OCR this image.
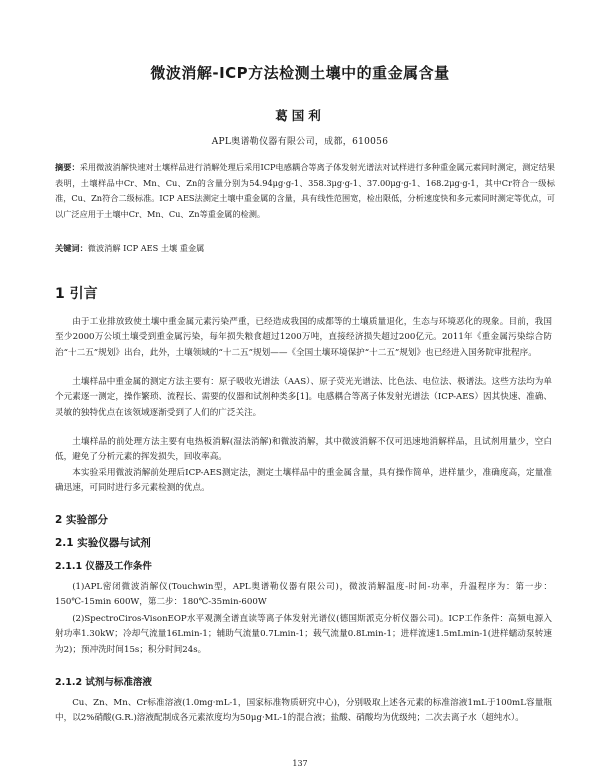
微波消解-ICP方法检测土壤中的重金属含量
葛国利
APL奥谱勒仪器有限公司，成都，610056
摘要：采用微波消解快速对土壤样品进行消解处理后采用ICP电感耦合等离子体发射光谱法对试样进行多种重金属元素同时测定，测定结果表明，土壤样品中Cr、Mn、Cu、Zn的含量分别为54.94μg·g-1、358.3μg·g-1、37.00μg·g-1、168.2μg·g-1，其中Cr符合一级标准，Cu、Zn符合二级标准。ICP AES法测定土壤中重金属的含量，具有线性范围宽，检出限低，分析速度快和多元素同时测定等优点，可以广泛应用于土壤中Cr、Mn、Cu、Zn等重金属的检测。
关键词：微波消解 ICP AES 土壤 重金属
1 引言

由于工业排放致使土壤中重金属元素污染严重，已经造成我国的成都等的土壤质量退化，生态与环境恶化的现象。目前，我国至少2000万公顷土壤受到重金属污染，每年损失粮食超过1200万吨，直接经济损失超过200亿元。2011年《重金属污染综合防治“十二五”规划》出台，此外，土壤领域的“十二五”规划——《全国土壤环境保护“十二五”规划》也已经进入国务院审批程序。

土壤样品中重金属的测定方法主要有：原子吸收光谱法（AAS）、原子荧光光谱法、比色法、电位法、极谱法。这些方法均为单个元素逐一测定，操作繁琐、流程长、需要的仪器和试剂种类多[1]。电感耦合等离子体发射光谱法（ICP-AES）因其快速、准确、灵敏的独特优点在该领域逐渐受到了人们的广泛关注。

土壤样品的前处理方法主要有电热板消解(湿法消解)和微波消解，其中微波消解不仅可迅速地消解样品，且试剂用量少，空白低，避免了分析元素的挥发损失，回收率高。

本实验采用微波消解前处理后ICP-AES测定法，测定土壤样品中的重金属含量，具有操作简单，进样量少，准确度高，定量准确迅速，可同时进行多元素检测的优点。

2 实验部分
2.1 实验仪器与试剂
2.1.1 仪器及工作条件

(1)APL密闭微波消解仪(Touchwin型，APL奥谱勒仪器有限公司)，微波消解温度-时间-功率，升温程序为：第一步：150℃-15min 600W，第二步：180℃-35min-600W

(2)SpectroCiros-VisonEOP水平观测全谱直读等离子体发射光谱仪(德国斯派克分析仪器公司)。ICP工作条件：高频电源入射功率1.30kW；冷却气流量16Lmin-1；辅助气流量0.7Lmin-1；载气流量0.8Lmin-1；进样流速1.5mLmin-1(进样蠕动泵转速为2)；预冲洗时间15s；积分时间24s。

2.1.2 试剂与标准溶液

Cu、Zn、Mn、Cr标准溶液(1.0mg·mL-1，国家标准物质研究中心)，分别吸取上述各元素的标准溶液1mL于100mL容量瓶中，以2%硝酸(G.R.)溶液配制成各元素浓度均为50μg·ML-1的混合液；盐酸、硝酸均为优级纯；二次去离子水（超纯水）。

137
